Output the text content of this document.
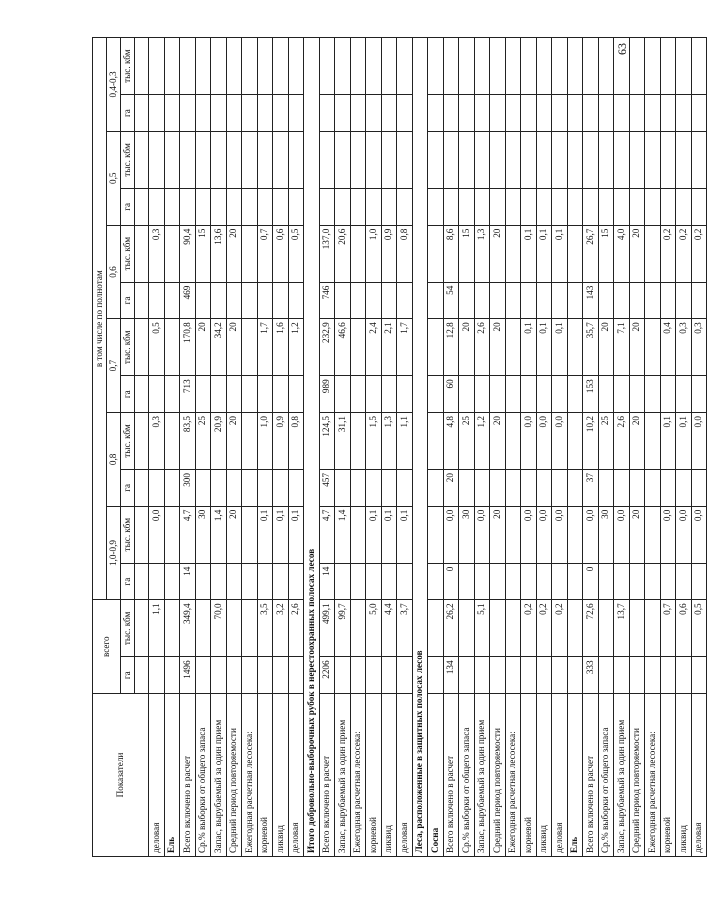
Показатели	всего		в том числе по полнотам											
			1,0-0,9		0,8		0,7		0,6		0,5		0,4-0,3	
	га	тыс. кбм	га	тыс. кбм	га	тыс. кбм	га	тыс. кбм	га	тыс. кбм	га	тыс. кбм	га	тыс. кбм

деловая		1,1		0,0		0,3		0,5		0,3				
Ель														
Всего включено в расчет	1496	349,4	14	4,7	300	83,5	713	170,8	469	90,4				
Ср.% выборки от общего запаса				30		25		20		15				
Запас, вырубаемый за один прием		70,0		1,4		20,9		34,2		13,6				
Средний период повторяемости				20		20		20		20				
Ежегодная расчетная лесосека:														
корневой		3,5		0,1		1,0		1,7		0,7				
ликвид		3,2		0,1		0,9		1,6		0,6				
деловая		2,6		0,1		0,8		1,2		0,5				
Итого добровольно-выборочных рубок в нерестоохранных полосах лесов														
Всего включено в расчет	2206	499,1	14	4,7	457	124,5	989	232,9	746	137,0				
Запас, вырубаемый за один прием		99,7		1,4		31,1		46,6		20,6				
Ежегодная расчетная лесосека:														
корневой		5,0		0,1		1,5		2,4		1,0				
ликвид		4,4		0,1		1,3		2,1		0,9				
деловая		3,7		0,1		1,1		1,7		0,8				
Леса, расположенные в защитных полосах лесов														
Сосна														
Всего включено в расчет	134	26,2	0	0,0	20	4,8	60	12,8	54	8,6				
Ср.% выборки от общего запаса				30		25		20		15				
Запас, вырубаемый за один прием		5,1		0,0		1,2		2,6		1,3				
Средний период повторяемости				20		20		20		20				
Ежегодная расчетная лесосека:														
корневой		0,2		0,0		0,0		0,1		0,1				
ликвид		0,2		0,0		0,0		0,1		0,1				
деловая		0,2		0,0		0,0		0,1		0,1				
Ель														
Всего включено в расчет	333	72,6	0	0,0	37	10,2	153	35,7	143	26,7				
Ср.% выборки от общего запаса				30		25		20		15				
Запас, вырубаемый за один прием		13,7		0,0		2,6		7,1		4,0				
Средний период повторяемости				20		20		20		20				
Ежегодная расчетная лесосека:														
корневой		0,7		0,0		0,1		0,4		0,2				
ликвид		0,6		0,0		0,1		0,3		0,2				
деловая		0,5		0,0		0,0		0,3		0,2				
63
